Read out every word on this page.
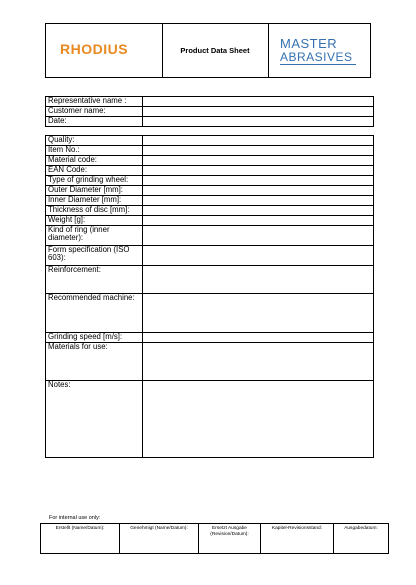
RHODIUS	Product Data Sheet	MASTER
ABRASIVES
Representative name :	
Customer name:	
Date:	
Quality:	
Item No.:	
Material code:	
EAN Code:	
Type of grinding wheel:	
Outer Diameter [mm]:	
Inner Diameter [mm]:	
Thickness of disc [mm]:	
Weight [g]:	
Kind of ring (inner diameter):	
Form specification (ISO 603):	
Reinforcement:	
Recommended machine:	
Grinding speed [m/s]:	
Materials for use:	
Notes:	
For internal use only:
Erstellt (Name/Datum):	Genehmigt (Name/Datum):	Ersetzt Ausgabe (Revision/Datum):	Kapitel-Revisionsstand:	Ausgabedatum:
